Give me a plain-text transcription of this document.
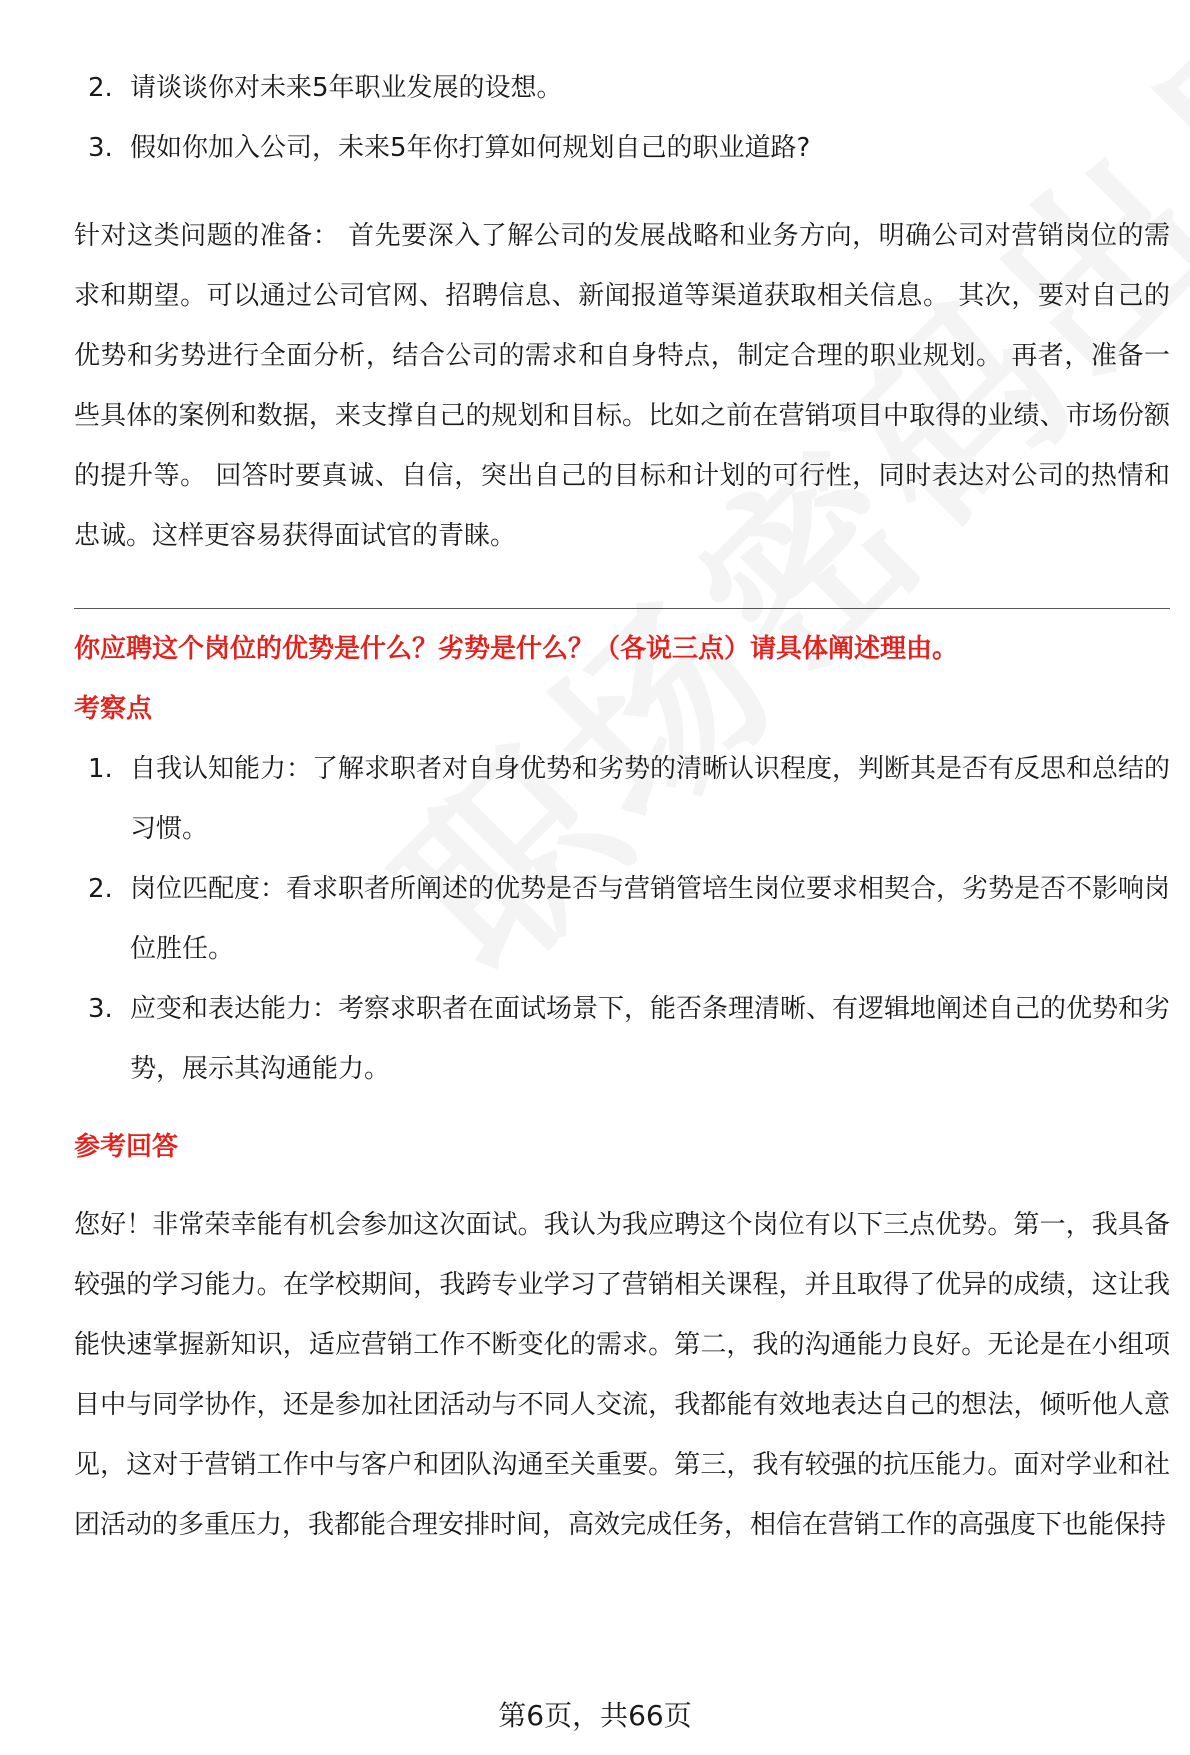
2. 请谈谈你对未来5年职业发展的设想。
3. 假如你加入公司，未来5年你打算如何规划自己的职业道路?

针对这类问题的准备： 首先要深入了解公司的发展战略和业务方向，明确公司对营销岗位的需求和期望。可以通过公司官网、招聘信息、新闻报道等渠道获取相关信息。 其次，要对自己的优势和劣势进行全面分析，结合公司的需求和自身特点，制定合理的职业规划。 再者，准备一些具体的案例和数据，来支撑自己的规划和目标。比如之前在营销项目中取得的业绩、市场份额的提升等。 回答时要真诚、自信，突出自己的目标和计划的可行性，同时表达对公司的热情和忠诚。这样更容易获得面试官的青睐。

你应聘这个岗位的优势是什么？劣势是什么？（各说三点）请具体阐述理由。

考察点

1. 自我认知能力：了解求职者对自身优势和劣势的清晰认识程度，判断其是否有反思和总结的习惯。
2. 岗位匹配度：看求职者所阐述的优势是否与营销管培生岗位要求相契合，劣势是否不影响岗位胜任。
3. 应变和表达能力：考察求职者在面试场景下，能否条理清晰、有逻辑地阐述自己的优势和劣势，展示其沟通能力。

参考回答

您好！非常荣幸能有机会参加这次面试。我认为我应聘这个岗位有以下三点优势。第一，我具备较强的学习能力。在学校期间，我跨专业学习了营销相关课程，并且取得了优异的成绩，这让我能快速掌握新知识，适应营销工作不断变化的需求。第二，我的沟通能力良好。无论是在小组项目中与同学协作，还是参加社团活动与不同人交流，我都能有效地表达自己的想法，倾听他人意见，这对于营销工作中与客户和团队沟通至关重要。第三，我有较强的抗压能力。面对学业和社团活动的多重压力，我都能合理安排时间，高效完成任务，相信在营销工作的高强度下也能保持

第6页，共66页
